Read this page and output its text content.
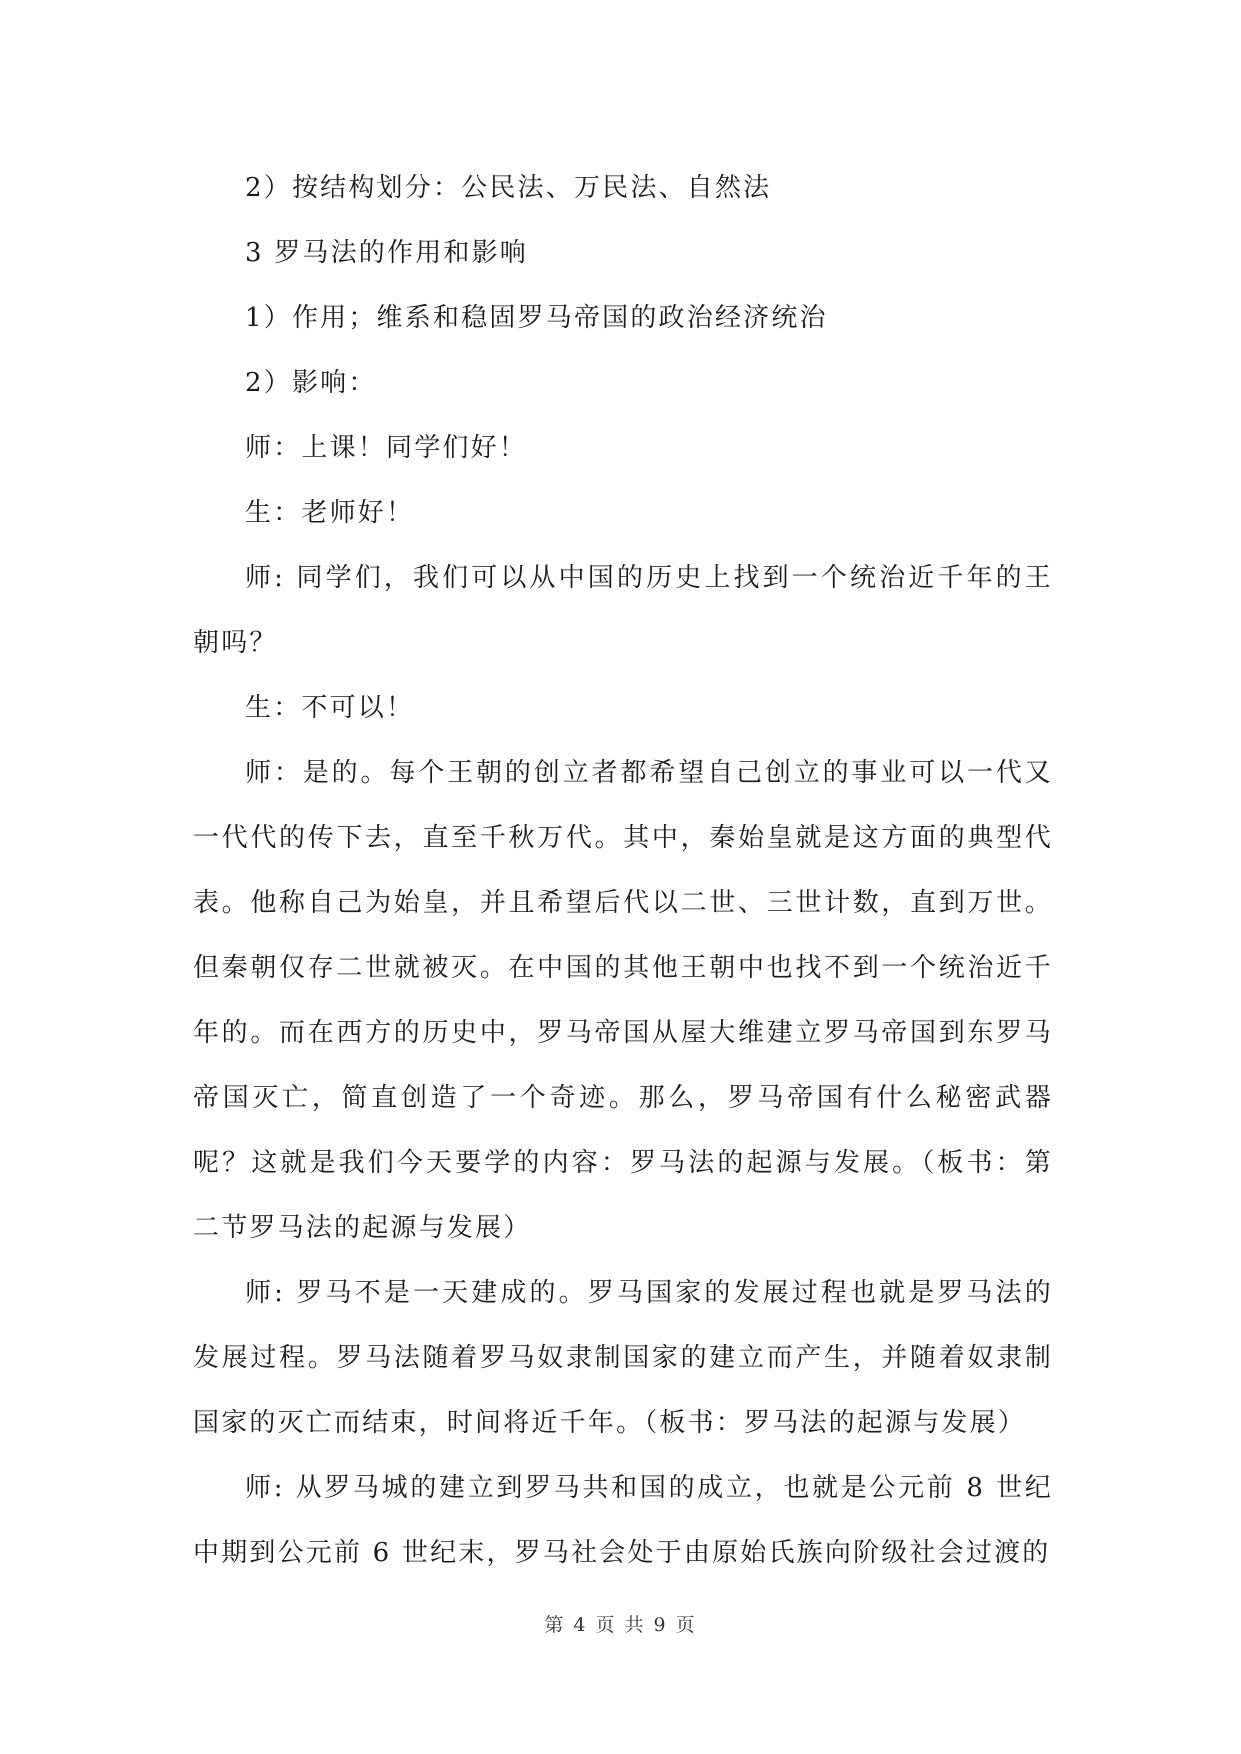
2）按结构划分：公民法、万民法、自然法

3 罗马法的作用和影响

1）作用；维系和稳固罗马帝国的政治经济统治

2）影响：

师：上课！同学们好！

生：老师好！

师: 同学们，我们可以从中国的历史上找到一个统治近千年的王朝吗？

生：不可以！

师：是的。每个王朝的创立者都希望自己创立的事业可以一代又一代代的传下去，直至千秋万代。其中，秦始皇就是这方面的典型代表。他称自己为始皇，并且希望后代以二世、三世计数，直到万世。但秦朝仅存二世就被灭。在中国的其他王朝中也找不到一个统治近千年的。而在西方的历史中，罗马帝国从屋大维建立罗马帝国到东罗马帝国灭亡，简直创造了一个奇迹。那么，罗马帝国有什么秘密武器呢？这就是我们今天要学的内容：罗马法的起源与发展。（板书：第二节罗马法的起源与发展）

师: 罗马不是一天建成的。罗马国家的发展过程也就是罗马法的发展过程。罗马法随着罗马奴隶制国家的建立而产生，并随着奴隶制国家的灭亡而结束，时间将近千年。（板书：罗马法的起源与发展）

师: 从罗马城的建立到罗马共和国的成立，也就是公元前 8 世纪中期到公元前 6 世纪末，罗马社会处于由原始氏族向阶级社会过渡的

第 4 页 共 9 页
